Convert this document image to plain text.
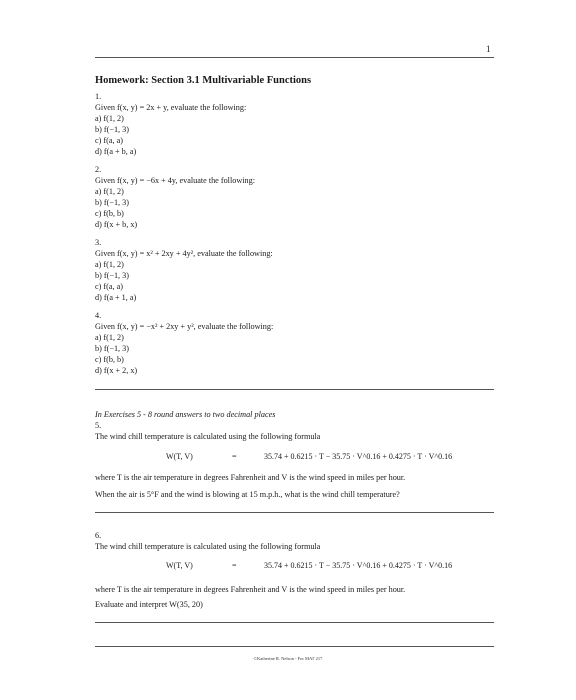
1
Homework: Section 3.1 Multivariable Functions
1.
Given f(x, y) = 2x + y, evaluate the following:
a) f(1, 2)
b) f(−1, 3)
c) f(a, a)
d) f(a + b, a)
2.
Given f(x, y) = −6x + 4y, evaluate the following:
a) f(1, 2)
b) f(−1, 3)
c) f(b, b)
d) f(x + b, x)
3.
Given f(x, y) = x² + 2xy + 4y², evaluate the following:
a) f(1, 2)
b) f(−1, 3)
c) f(a, a)
d) f(a + 1, a)
4.
Given f(x, y) = −x² + 2xy + y², evaluate the following:
a) f(1, 2)
b) f(−1, 3)
c) f(b, b)
d) f(x + 2, x)
In Exercises 5 - 8 round answers to two decimal places
5.
The wind chill temperature is calculated using the following formula
W(T, V)	=	35.74 + 0.6215 · T − 35.75 · V^0.16 + 0.4275 · T · V^0.16
where T is the air temperature in degrees Fahrenheit and V is the wind speed in miles per hour.
When the air is 5°F and the wind is blowing at 15 m.p.h., what is the wind chill temperature?
6.
The wind chill temperature is calculated using the following formula
W(T, V)	=	35.74 + 0.6215 · T − 35.75 · V^0.16 + 0.4275 · T · V^0.16
where T is the air temperature in degrees Fahrenheit and V is the wind speed in miles per hour.
Evaluate and interpret W(35, 20)
©Katherine R. Nelson - For MAT 217
